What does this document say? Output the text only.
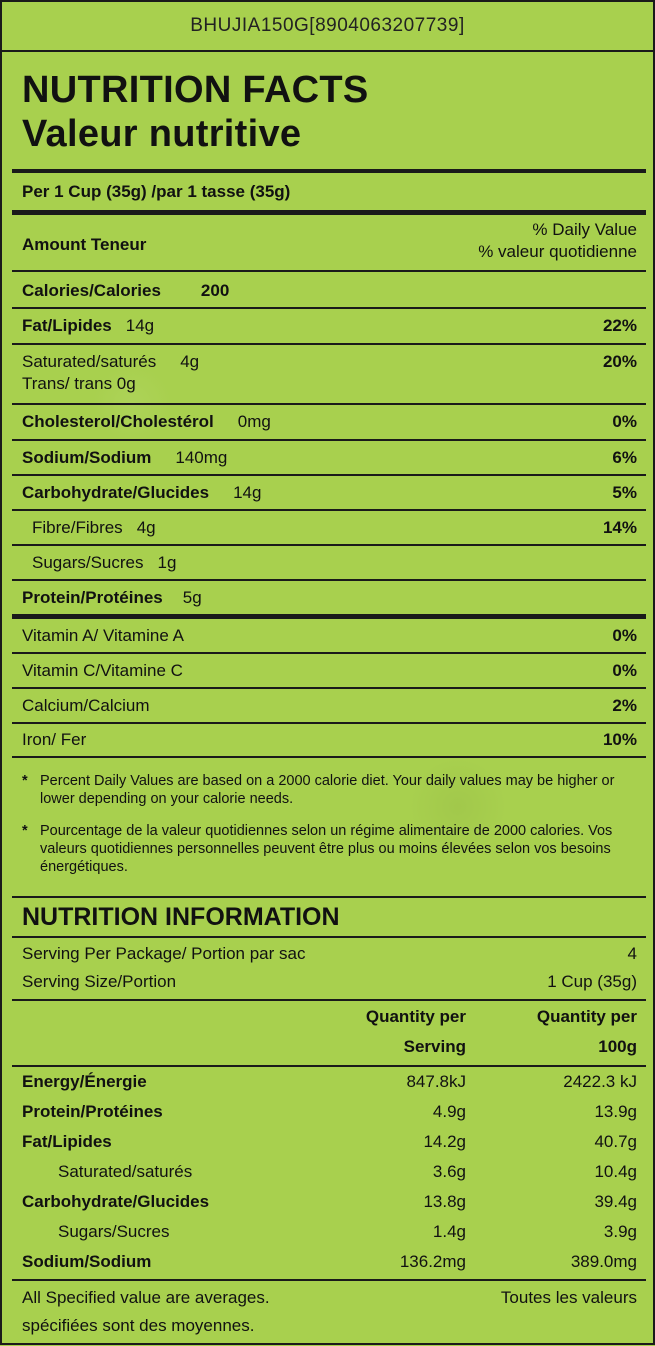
BHUJIA150G[8904063207739]
NUTRITION FACTS
Valeur nutritive
Per 1 Cup (35g) /par 1 tasse (35g)
Amount Teneur
% Daily Value
% valeur quotidienne
Calories/Calories 200
Fat/Lipides 14g	22%
Saturated/saturés 4g	20%
Trans/ trans 0g
Cholesterol/Cholestérol 0mg	0%
Sodium/Sodium 140mg	6%
Carbohydrate/Glucides 14g	5%
Fibre/Fibres 4g	14%
Sugars/Sucres 1g
Protein/Protéines 5g
Vitamin A/ Vitamine A	0%
Vitamin C/Vitamine C	0%
Calcium/Calcium	2%
Iron/ Fer	10%
* Percent Daily Values are based on a 2000 calorie diet. Your daily values may be higher or lower depending on your calorie needs.
* Pourcentage de la valeur quotidiennes selon un régime alimentaire de 2000 calories. Vos valeurs quotidiennes personnelles peuvent être plus ou moins élevées selon vos besoins énergétiques.
NUTRITION INFORMATION
Serving Per Package/ Portion par sac	4
Serving Size/Portion	1 Cup (35g)
Quantity per	Quantity per
Serving	100g
Energy/Énergie	847.8kJ	2422.3 kJ
Protein/Protéines	4.9g	13.9g
Fat/Lipides	14.2g	40.7g
Saturated/saturés	3.6g	10.4g
Carbohydrate/Glucides	13.8g	39.4g
Sugars/Sucres	1.4g	3.9g
Sodium/Sodium	136.2mg	389.0mg
All Specified value are averages.	Toutes les valeurs
spécifiées sont des moyennes.
